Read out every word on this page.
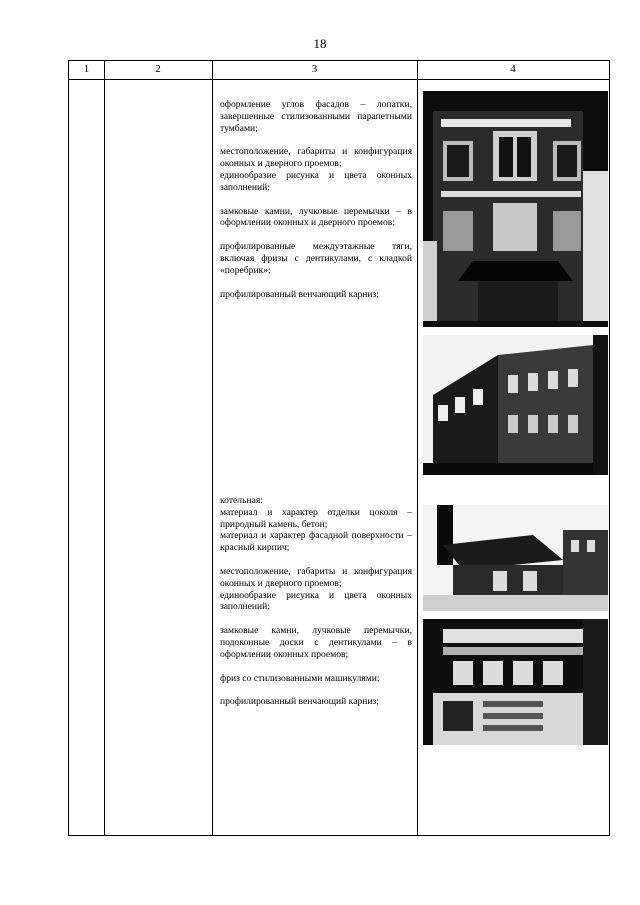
18
1	2	3	4

оформление углов фасадов – лопатки, завершенные стилизованными парапетными тумбами;

местоположение, габариты и конфигурация оконных и дверного проемов;

единообразие рисунка и цвета оконных заполнений;

замковые камни, лучковые перемычки – в оформлении оконных и дверного проемов;

профилированные междуэтажные тяги, включая фризы с дентикулами, с кладкой «поребрик»;

профилированный венчающий карниз;

котельная:

материал и характер отделки цоколя – природный камень, бетон;

материал и характер фасадной поверхности – красный кирпич;

местоположение, габариты и конфигурация оконных и дверного проемов;

единообразие рисунка и цвета оконных заполнений;

замковые камни, лучковые перемычки, подоконные доски с дентикулами – в оформлении оконных проемов;

фриз со стилизованными машикулями;

профилированный венчающий карниз;
